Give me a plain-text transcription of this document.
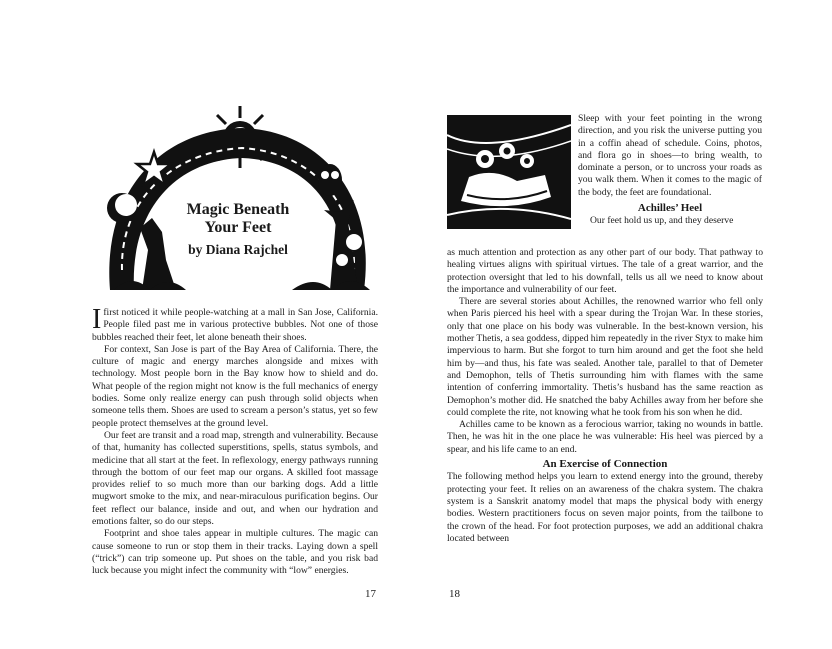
Magic Beneath
Your Feet
by Diana Rajchel

Ifirst noticed it while people-watching at a mall in San Jose, California. People filed past me in various protective bubbles. Not one of those bubbles reached their feet, let alone beneath their shoes.

For context, San Jose is part of the Bay Area of California. There, the culture of magic and energy marches alongside and mixes with technology. Most people born in the Bay know how to shield and do. What people of the region might not know is the full mechanics of energy bodies. Some only realize energy can push through solid objects when someone tells them. Shoes are used to scream a person’s status, yet so few people protect themselves at the ground level.

Our feet are transit and a road map, strength and vulnerability. Because of that, humanity has collected superstitions, spells, status symbols, and medicine that all start at the feet. In reflexology, energy pathways running through the bottom of our feet map our organs. A skilled foot massage provides relief to so much more than our barking dogs. Add a little mugwort smoke to the mix, and near-miraculous purification begins. Our feet reflect our balance, inside and out, and when our hydration and emotions falter, so do our steps.

Footprint and shoe tales appear in multiple cultures. The magic can cause someone to run or stop them in their tracks. Laying down a spell (“trick”) can trip someone up. Put shoes on the table, and you risk bad luck because you might infect the community with “low” energies.

17

Sleep with your feet pointing in the wrong direction, and you risk the universe putting you in a coffin ahead of schedule. Coins, photos, and flora go in shoes—to bring wealth, to dominate a person, or to uncross your roads as you walk them. When it comes to the magic of the body, the feet are foundational.

Achilles’ Heel

Our feet hold us up, and they deserve

as much attention and protection as any other part of our body. That pathway to healing virtues aligns with spiritual virtues. The tale of a great warrior, and the protection oversight that led to his downfall, tells us all we need to know about the importance and vulnerability of our feet.

There are several stories about Achilles, the renowned warrior who fell only when Paris pierced his heel with a spear during the Trojan War. In these stories, only that one place on his body was vulnerable. In the best-known version, his mother Thetis, a sea goddess, dipped him repeatedly in the river Styx to make him impervious to harm. But she forgot to turn him around and get the foot she held him by—and thus, his fate was sealed. Another tale, parallel to that of Demeter and Demophon, tells of Thetis surrounding him with flames with the same intention of conferring immortality. Thetis’s husband has the same reaction as Demophon’s mother did. He snatched the baby Achilles away from her before she could complete the rite, not knowing what he took from his son when he did.

Achilles came to be known as a ferocious warrior, taking no wounds in battle. Then, he was hit in the one place he was vulnerable: His heel was pierced by a spear, and his life came to an end.

An Exercise of Connection

The following method helps you learn to extend energy into the ground, thereby protecting your feet. It relies on an awareness of the chakra system. The chakra system is a Sanskrit anatomy model that maps the physical body with energy bodies. Western practitioners focus on seven major points, from the tailbone to the crown of the head. For foot protection purposes, we add an additional chakra located between

18
